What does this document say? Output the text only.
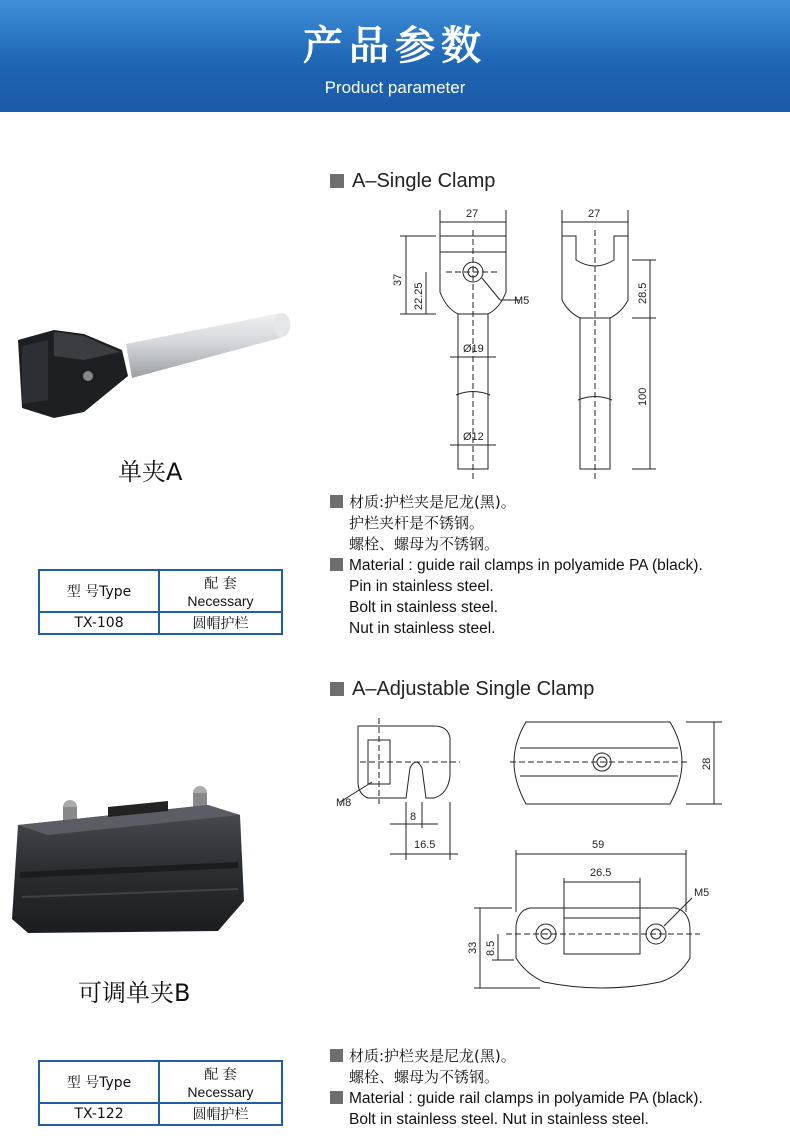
产品参数
Product parameter
A–Single Clamp
单夹A
型 号Type	配 套
Necessary

TX-108	圆帽护栏
27
37
22.25	M5
Ø19
Ø12
27
28.5
100
材质:护栏夹是尼龙(黑)。
护栏夹杆是不锈钢。
螺栓、螺母为不锈钢。
Material : guide rail clamps in polyamide PA (black).
Pin in stainless steel.
Bolt in stainless steel.
Nut in stainless steel.
A–Adjustable Single Clamp
可调单夹B
型 号Type	配 套
Necessary

TX-122	圆帽护栏
M8
8
16.5
28
59
26.5
M5
33 8.5
材质:护栏夹是尼龙(黑)。
螺栓、螺母为不锈钢。
Material : guide rail clamps in polyamide PA (black).
Bolt in stainless steel. Nut in stainless steel.
